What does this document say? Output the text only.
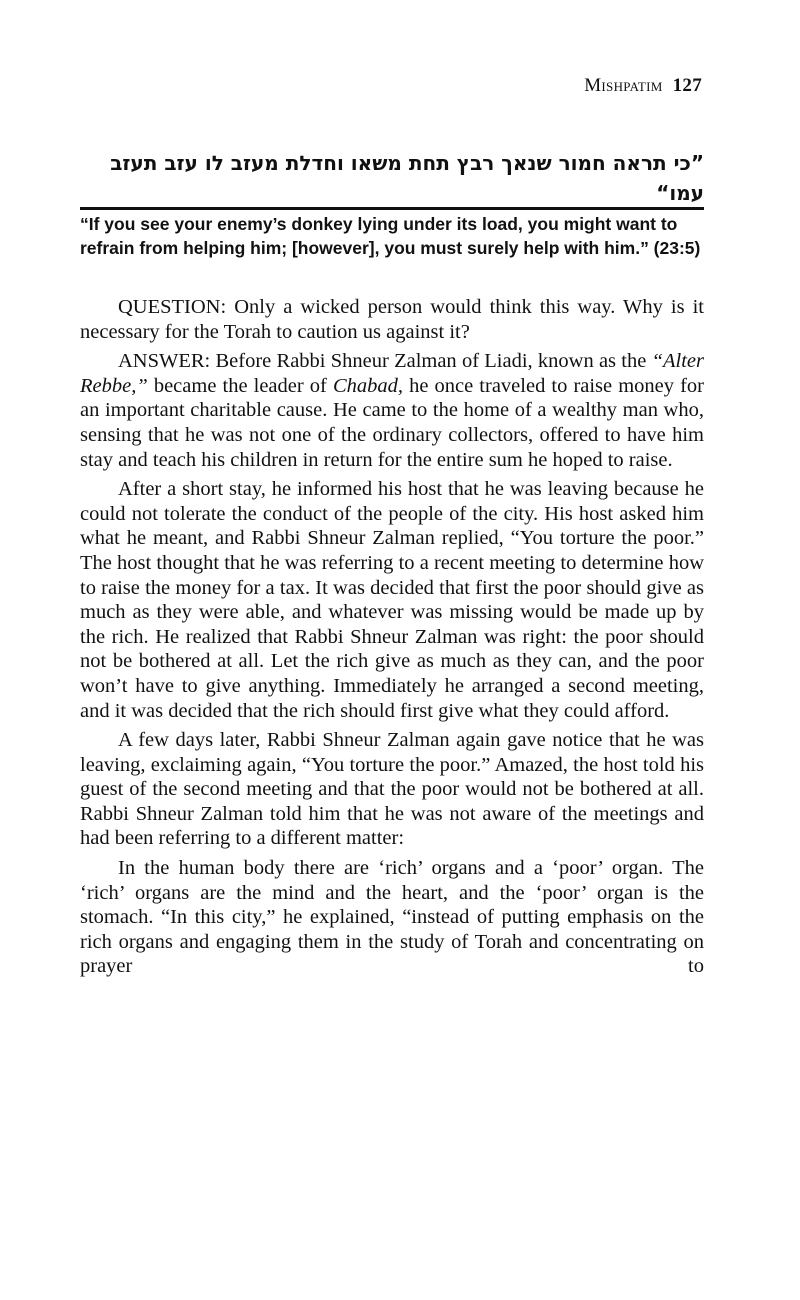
Mishpatim 127
”כי תראה חמור שנאך רבץ תחת משאו וחדלת מעזב לו עזב תעזב עמו“
“If you see your enemy’s donkey lying under its load, you might want to refrain from helping him; [however], you must surely help with him.” (23:5)

QUESTION: Only a wicked person would think this way. Why is it necessary for the Torah to caution us against it?

ANSWER: Before Rabbi Shneur Zalman of Liadi, known as the “Alter Rebbe,” became the leader of Chabad, he once traveled to raise money for an important charitable cause. He came to the home of a wealthy man who, sensing that he was not one of the ordinary collectors, offered to have him stay and teach his children in return for the entire sum he hoped to raise.

After a short stay, he informed his host that he was leaving because he could not tolerate the conduct of the people of the city. His host asked him what he meant, and Rabbi Shneur Zalman replied, “You torture the poor.” The host thought that he was referring to a recent meeting to determine how to raise the money for a tax. It was decided that first the poor should give as much as they were able, and whatever was missing would be made up by the rich. He realized that Rabbi Shneur Zalman was right: the poor should not be bothered at all. Let the rich give as much as they can, and the poor won’t have to give anything. Immediately he arranged a second meeting, and it was decided that the rich should first give what they could afford.

A few days later, Rabbi Shneur Zalman again gave notice that he was leaving, exclaiming again, “You torture the poor.” Amazed, the host told his guest of the second meeting and that the poor would not be bothered at all. Rabbi Shneur Zalman told him that he was not aware of the meetings and had been referring to a different matter:

In the human body there are ‘rich’ organs and a ‘poor’ organ. The ‘rich’ organs are the mind and the heart, and the ‘poor’ organ is the stomach. “In this city,” he explained, “instead of putting emphasis on the rich organs and engaging them in the study of Torah and concentrating on prayer to
